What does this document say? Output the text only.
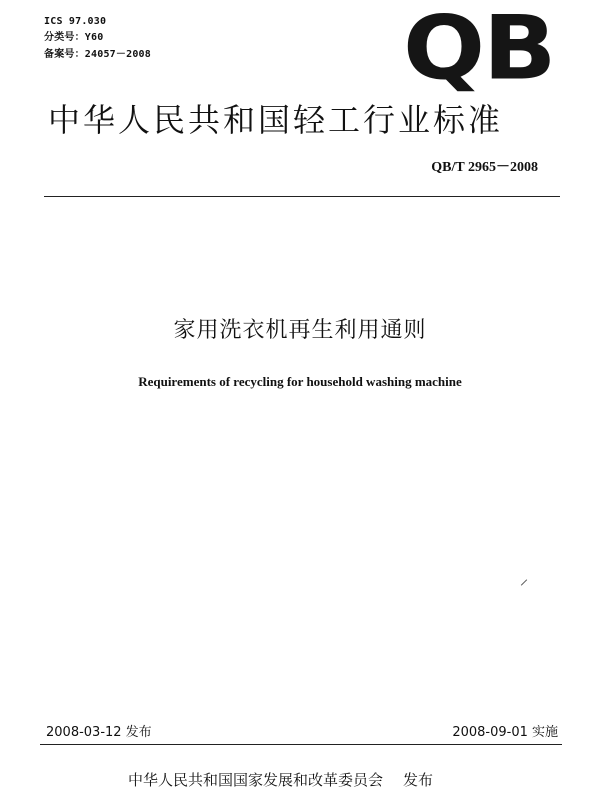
ICS 97.030
分类号：Y60
备案号：24057－2008	QB
中华人民共和国轻工行业标准
QB/T 2965－2008
家用洗衣机再生利用通则
Requirements of recycling for household washing machine
2008-03-12 发布	2008-09-01 实施
中华人民共和国国家发展和改革委员会 发布
